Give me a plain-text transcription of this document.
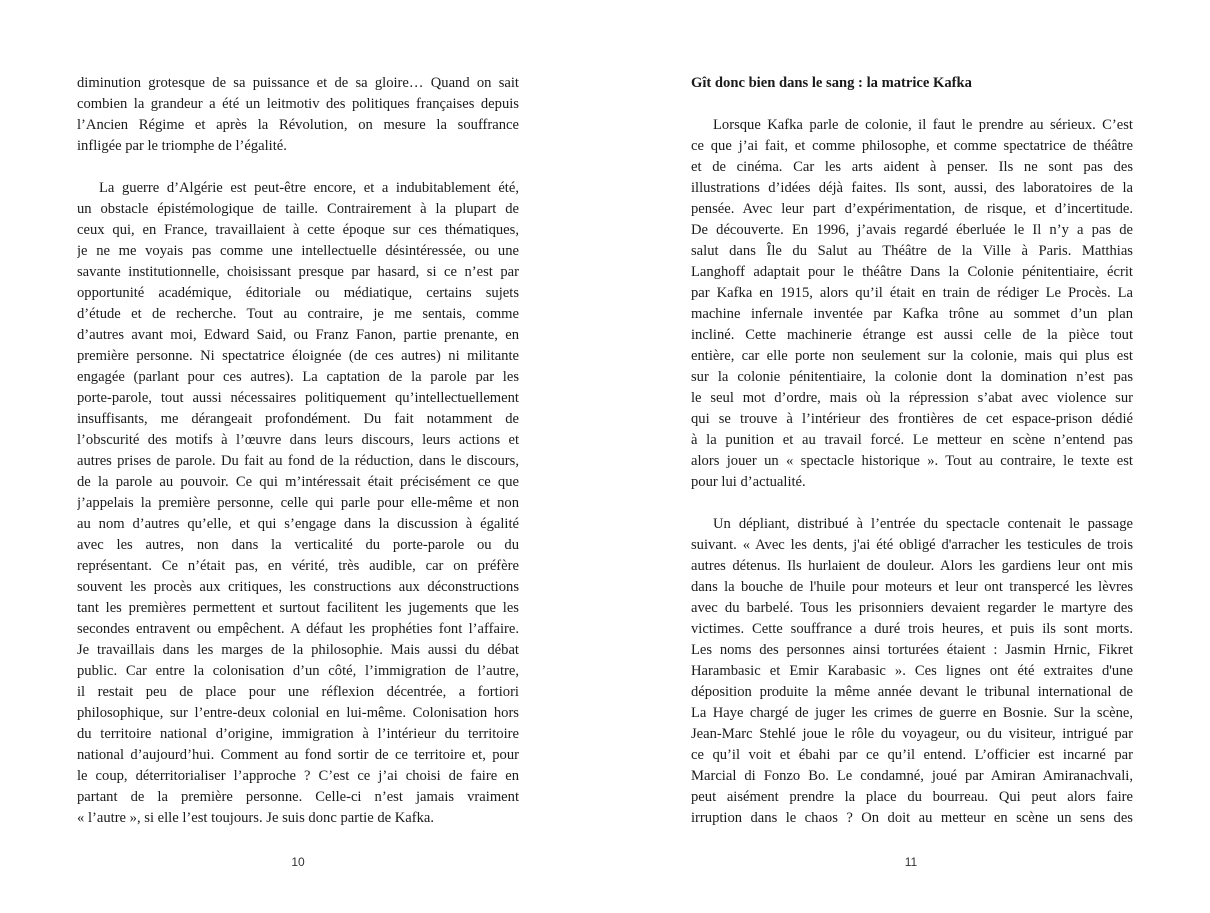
diminution grotesque de sa puissance et de sa gloire… Quand on sait
combien la grandeur a été un leitmotiv des politiques françaises depuis
l’Ancien Régime et après la Révolution, on mesure la souffrance
infligée par le triomphe de l’égalité.
La guerre d’Algérie est peut-être encore, et a indubitablement été,
un obstacle épistémologique de taille. Contrairement à la plupart de
ceux qui, en France, travaillaient à cette époque sur ces thématiques,
je ne me voyais pas comme une intellectuelle désintéressée, ou une
savante institutionnelle, choisissant presque par hasard, si ce n’est par
opportunité académique, éditoriale ou médiatique, certains sujets
d’étude et de recherche. Tout au contraire, je me sentais, comme
d’autres avant moi, Edward Said, ou Franz Fanon, partie prenante, en
première personne. Ni spectatrice éloignée (de ces autres) ni militante
engagée (parlant pour ces autres). La captation de la parole par les
porte-parole, tout aussi nécessaires politiquement qu’intellectuellement
insuffisants, me dérangeait profondément. Du fait notamment de
l’obscurité des motifs à l’œuvre dans leurs discours, leurs actions et
autres prises de parole. Du fait au fond de la réduction, dans le discours,
de la parole au pouvoir. Ce qui m’intéressait était précisément ce que
j’appelais la première personne, celle qui parle pour elle-même et non
au nom d’autres qu’elle, et qui s’engage dans la discussion à égalité
avec les autres, non dans la verticalité du porte-parole ou du
représentant. Ce n’était pas, en vérité, très audible, car on préfère
souvent les procès aux critiques, les constructions aux déconstructions
tant les premières permettent et surtout facilitent les jugements que les
secondes entravent ou empêchent. A défaut les prophéties font l’affaire.
Je travaillais dans les marges de la philosophie. Mais aussi du débat
public. Car entre la colonisation d’un côté, l’immigration de l’autre,
il restait peu de place pour une réflexion décentrée, a fortiori
philosophique, sur l’entre-deux colonial en lui-même. Colonisation hors
du territoire national d’origine, immigration à l’intérieur du territoire
national d’aujourd’hui. Comment au fond sortir de ce territoire et, pour
le coup, déterritorialiser l’approche ? C’est ce j’ai choisi de faire en
partant de la première personne. Celle-ci n’est jamais vraiment
« l’autre », si elle l’est toujours. Je suis donc partie de Kafka.
10
Gît donc bien dans le sang : la matrice Kafka
Lorsque Kafka parle de colonie, il faut le prendre au sérieux. C’est
ce que j’ai fait, et comme philosophe, et comme spectatrice de théâtre
et de cinéma. Car les arts aident à penser. Ils ne sont pas des
illustrations d’idées déjà faites. Ils sont, aussi, des laboratoires de la
pensée. Avec leur part d’expérimentation, de risque, et d’incertitude.
De découverte. En 1996, j’avais regardé éberluée le Il n’y a pas de
salut dans Île du Salut au Théâtre de la Ville à Paris. Matthias
Langhoff adaptait pour le théâtre Dans la Colonie pénitentiaire, écrit
par Kafka en 1915, alors qu’il était en train de rédiger Le Procès. La
machine infernale inventée par Kafka trône au sommet d’un plan
incliné. Cette machinerie étrange est aussi celle de la pièce tout
entière, car elle porte non seulement sur la colonie, mais qui plus est
sur la colonie pénitentiaire, la colonie dont la domination n’est pas
le seul mot d’ordre, mais où la répression s’abat avec violence sur
qui se trouve à l’intérieur des frontières de cet espace-prison dédié
à la punition et au travail forcé. Le metteur en scène n’entend pas
alors jouer un « spectacle historique ». Tout au contraire, le texte est
pour lui d’actualité.
Un dépliant, distribué à l’entrée du spectacle contenait le passage
suivant. « Avec les dents, j'ai été obligé d'arracher les testicules de trois
autres détenus. Ils hurlaient de douleur. Alors les gardiens leur ont mis
dans la bouche de l'huile pour moteurs et leur ont transpercé les lèvres
avec du barbelé. Tous les prisonniers devaient regarder le martyre des
victimes. Cette souffrance a duré trois heures, et puis ils sont morts.
Les noms des personnes ainsi torturées étaient : Jasmin Hrnic, Fikret
Harambasic et Emir Karabasic ». Ces lignes ont été extraites d'une
déposition produite la même année devant le tribunal international de
La Haye chargé de juger les crimes de guerre en Bosnie. Sur la scène,
Jean-Marc Stehlé joue le rôle du voyageur, ou du visiteur, intrigué par
ce qu’il voit et ébahi par ce qu’il entend. L’officier est incarné par
Marcial di Fonzo Bo. Le condamné, joué par Amiran Amiranachvali,
peut aisément prendre la place du bourreau. Qui peut alors faire
irruption dans le chaos ? On doit au metteur en scène un sens des
11
